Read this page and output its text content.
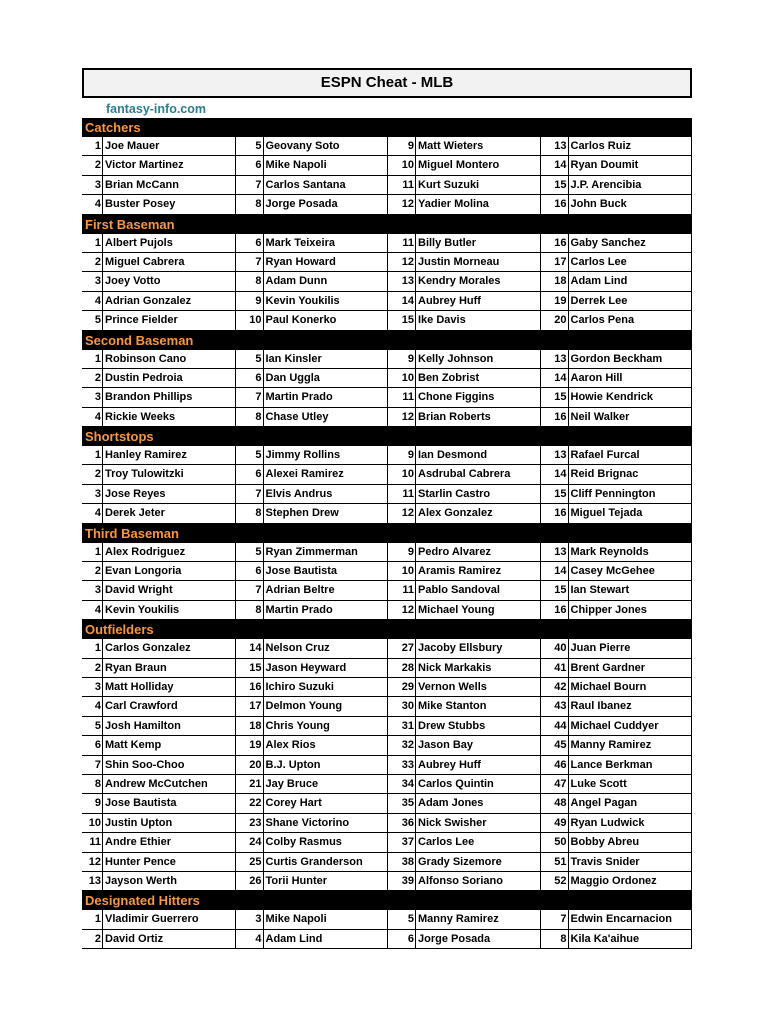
ESPN Cheat - MLB
fantasy-info.com
Catchers
1 Joe Mauer	5 Geovany Soto	9 Matt Wieters	13 Carlos Ruiz
2 Victor Martinez	6 Mike Napoli	10 Miguel Montero	14 Ryan Doumit
3 Brian McCann	7 Carlos Santana	11 Kurt Suzuki	15 J.P. Arencibia
4 Buster Posey	8 Jorge Posada	12 Yadier Molina	16 John Buck
First Baseman
1 Albert Pujols	6 Mark Teixeira	11 Billy Butler	16 Gaby Sanchez
2 Miguel Cabrera	7 Ryan Howard	12 Justin Morneau	17 Carlos Lee
3 Joey Votto	8 Adam Dunn	13 Kendry Morales	18 Adam Lind
4 Adrian Gonzalez	9 Kevin Youkilis	14 Aubrey Huff	19 Derrek Lee
5 Prince Fielder	10 Paul Konerko	15 Ike Davis	20 Carlos Pena
Second Baseman
1 Robinson Cano	5 Ian Kinsler	9 Kelly Johnson	13 Gordon Beckham
2 Dustin Pedroia	6 Dan Uggla	10 Ben Zobrist	14 Aaron Hill
3 Brandon Phillips	7 Martin Prado	11 Chone Figgins	15 Howie Kendrick
4 Rickie Weeks	8 Chase Utley	12 Brian Roberts	16 Neil Walker
Shortstops
1 Hanley Ramirez	5 Jimmy Rollins	9 Ian Desmond	13 Rafael Furcal
2 Troy Tulowitzki	6 Alexei Ramirez	10 Asdrubal Cabrera	14 Reid Brignac
3 Jose Reyes	7 Elvis Andrus	11 Starlin Castro	15 Cliff Pennington
4 Derek Jeter	8 Stephen Drew	12 Alex Gonzalez	16 Miguel Tejada
Third Baseman
1 Alex Rodriguez	5 Ryan Zimmerman	9 Pedro Alvarez	13 Mark Reynolds
2 Evan Longoria	6 Jose Bautista	10 Aramis Ramirez	14 Casey McGehee
3 David Wright	7 Adrian Beltre	11 Pablo Sandoval	15 Ian Stewart
4 Kevin Youkilis	8 Martin Prado	12 Michael Young	16 Chipper Jones
Outfielders
1 Carlos Gonzalez	14 Nelson Cruz	27 Jacoby Ellsbury	40 Juan Pierre
2 Ryan Braun	15 Jason Heyward	28 Nick Markakis	41 Brent Gardner
3 Matt Holliday	16 Ichiro Suzuki	29 Vernon Wells	42 Michael Bourn
4 Carl Crawford	17 Delmon Young	30 Mike Stanton	43 Raul Ibanez
5 Josh Hamilton	18 Chris Young	31 Drew Stubbs	44 Michael Cuddyer
6 Matt Kemp	19 Alex Rios	32 Jason Bay	45 Manny Ramirez
7 Shin Soo-Choo	20 B.J. Upton	33 Aubrey Huff	46 Lance Berkman
8 Andrew McCutchen	21 Jay Bruce	34 Carlos Quintin	47 Luke Scott
9 Jose Bautista	22 Corey Hart	35 Adam Jones	48 Angel Pagan
10 Justin Upton	23 Shane Victorino	36 Nick Swisher	49 Ryan Ludwick
11 Andre Ethier	24 Colby Rasmus	37 Carlos Lee	50 Bobby Abreu
12 Hunter Pence	25 Curtis Granderson	38 Grady Sizemore	51 Travis Snider
13 Jayson Werth	26 Torii Hunter	39 Alfonso Soriano	52 Maggio Ordonez
Designated Hitters
1 Vladimir Guerrero	3 Mike Napoli	5 Manny Ramirez	7 Edwin Encarnacion
2 David Ortiz	4 Adam Lind	6 Jorge Posada	8 Kila Ka'aihue
